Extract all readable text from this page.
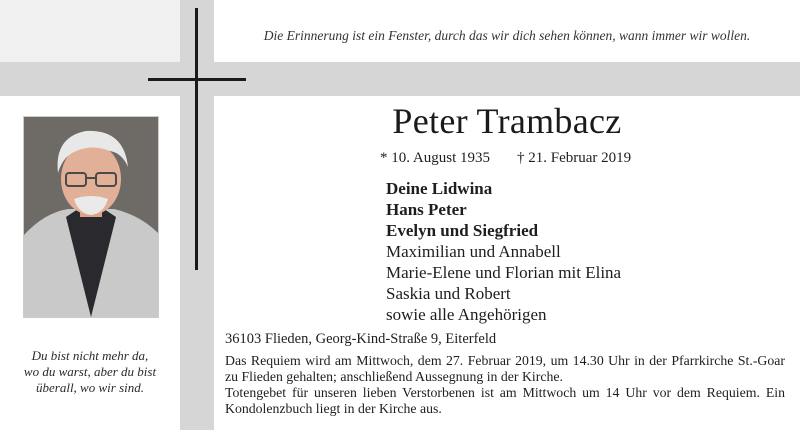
Die Erinnerung ist ein Fenster, durch das wir dich sehen können, wann immer wir wollen.
Peter Trambacz
* 10. August 1935 † 21. Februar 2019
Deine Lidwina
Hans Peter
Evelyn und Siegfried
Maximilian und Annabell
Marie-Elene und Florian mit Elina
Saskia und Robert
sowie alle Angehörigen
36103 Flieden, Georg-Kind-Straße 9, Eiterfeld

Das Requiem wird am Mittwoch, dem 27. Februar 2019, um 14.30 Uhr in der Pfarrkirche St.-Goar zu Flieden gehalten; anschließend Aussegnung in der Kirche.

Totengebet für unseren lieben Verstorbenen ist am Mittwoch um 14 Uhr vor dem Requiem. Ein Kondolenzbuch liegt in der Kirche aus.

Du bist nicht mehr da,
wo du warst, aber du bist
überall, wo wir sind.
